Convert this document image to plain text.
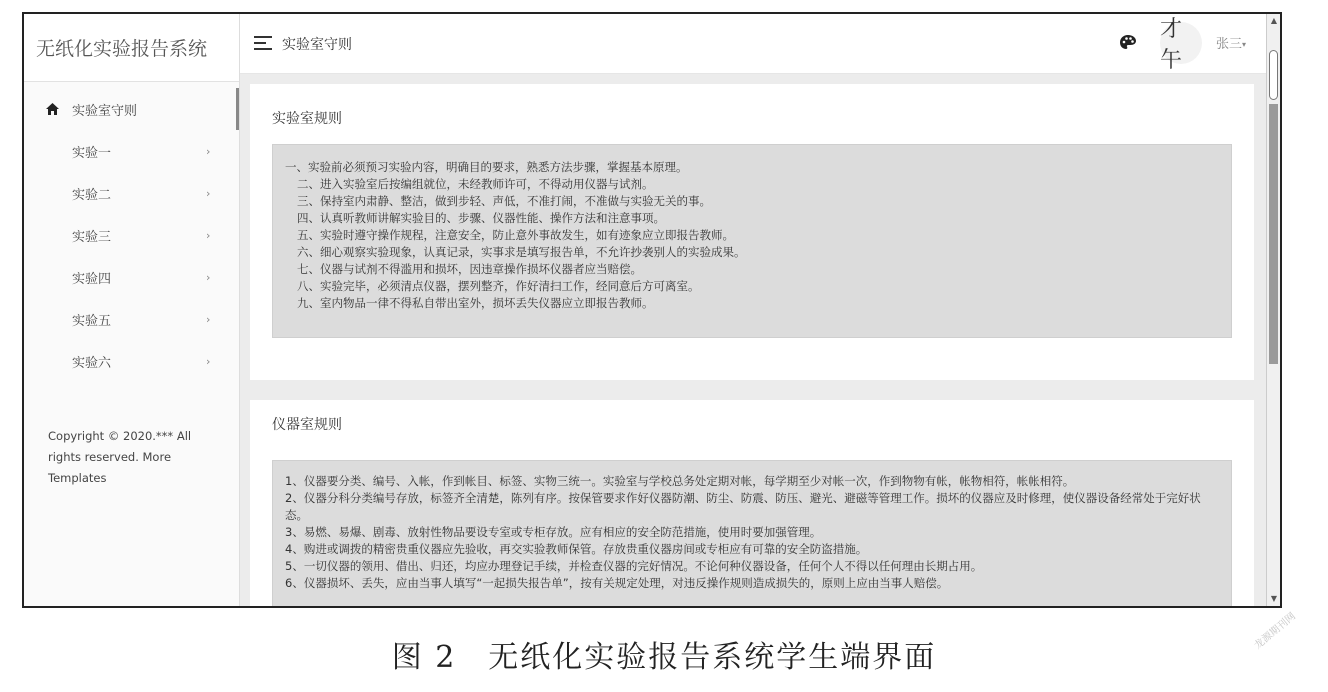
无纸化实验报告系统
实验室守则
实验一	›
实验二	›
实验三	›
实验四	›
实验五	›
实验六	›
Copyright © 2020.*** All rights reserved. More Templates
实验室守则
才午
张三▾
实验室规则

一、实验前必须预习实验内容，明确目的要求，熟悉方法步骤，掌握基本原理。

二、进入实验室后按编组就位，未经教师许可，不得动用仪器与试剂。

三、保持室内肃静、整洁，做到步轻、声低，不准打闹，不准做与实验无关的事。

四、认真听教师讲解实验目的、步骤、仪器性能、操作方法和注意事项。

五、实验时遵守操作规程，注意安全，防止意外事故发生，如有迹象应立即报告教师。

六、细心观察实验现象，认真记录，实事求是填写报告单，不允许抄袭别人的实验成果。

七、仪器与试剂不得滥用和损坏，因违章操作损坏仪器者应当赔偿。

八、实验完毕，必须清点仪器，摆列整齐，作好清扫工作，经同意后方可离室。

九、室内物品一律不得私自带出室外，损坏丢失仪器应立即报告教师。

仪器室规则

1、仪器要分类、编号、入帐，作到帐目、标签、实物三统一。实验室与学校总务处定期对帐，每学期至少对帐一次，作到物物有帐，帐物相符，帐帐相符。

2、仪器分科分类编号存放，标签齐全清楚，陈列有序。按保管要求作好仪器防潮、防尘、防震、防压、避光、避磁等管理工作。损坏的仪器应及时修理，使仪器设备经常处于完好状态。

3、易燃、易爆、剧毒、放射性物品要设专室或专柜存放。应有相应的安全防范措施，使用时要加强管理。

4、购进或调拨的精密贵重仪器应先验收，再交实验教师保管。存放贵重仪器房间或专柜应有可靠的安全防盗措施。

5、一切仪器的领用、借出、归还，均应办理登记手续，并检查仪器的完好情况。不论何种仪器设备，任何个人不得以任何理由长期占用。

6、仪器损坏、丢失，应由当事人填写“一起损失报告单”，按有关规定处理，对违反操作规则造成损失的，原则上应由当事人赔偿。

▲
▼
图 2　无纸化实验报告系统学生端界面
龙源期刊网
